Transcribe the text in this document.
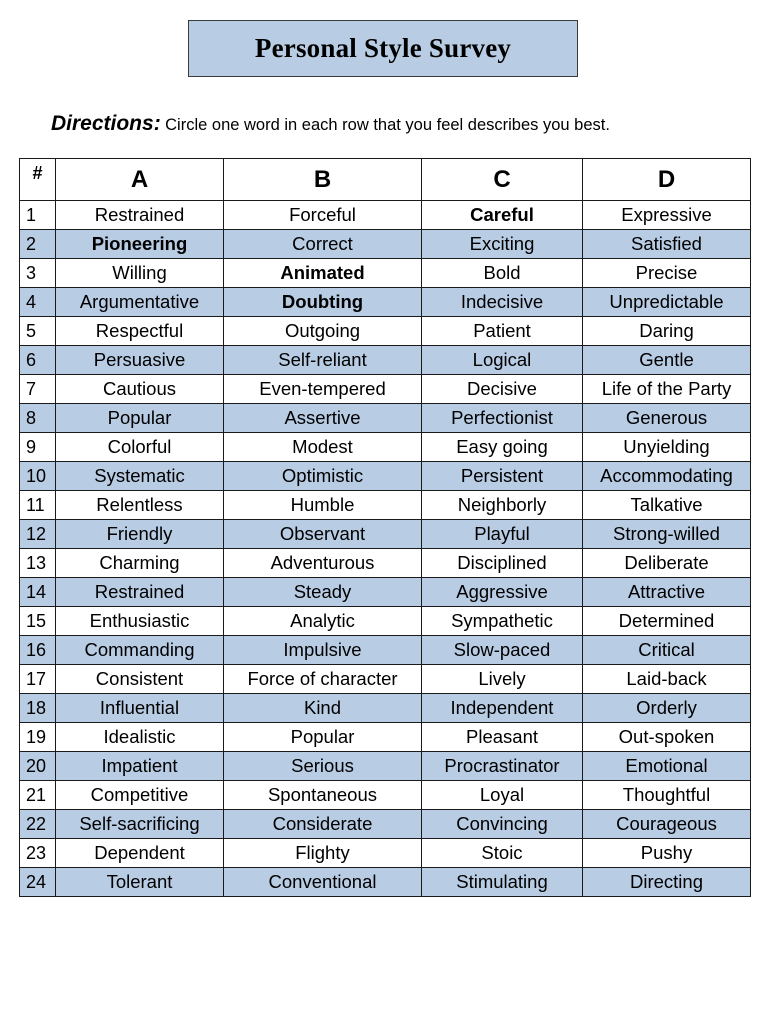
Personal Style Survey
Directions: Circle one word in each row that you feel describes you best.
#	A	B	C	D
1	Restrained	Forceful	Careful	Expressive
2	Pioneering	Correct	Exciting	Satisfied
3	Willing	Animated	Bold	Precise
4	Argumentative	Doubting	Indecisive	Unpredictable
5	Respectful	Outgoing	Patient	Daring
6	Persuasive	Self-reliant	Logical	Gentle
7	Cautious	Even-tempered	Decisive	Life of the Party
8	Popular	Assertive	Perfectionist	Generous
9	Colorful	Modest	Easy going	Unyielding
10	Systematic	Optimistic	Persistent	Accommodating
11	Relentless	Humble	Neighborly	Talkative
12	Friendly	Observant	Playful	Strong-willed
13	Charming	Adventurous	Disciplined	Deliberate
14	Restrained	Steady	Aggressive	Attractive
15	Enthusiastic	Analytic	Sympathetic	Determined
16	Commanding	Impulsive	Slow-paced	Critical
17	Consistent	Force of character	Lively	Laid-back
18	Influential	Kind	Independent	Orderly
19	Idealistic	Popular	Pleasant	Out-spoken
20	Impatient	Serious	Procrastinator	Emotional
21	Competitive	Spontaneous	Loyal	Thoughtful
22	Self-sacrificing	Considerate	Convincing	Courageous
23	Dependent	Flighty	Stoic	Pushy
24	Tolerant	Conventional	Stimulating	Directing
